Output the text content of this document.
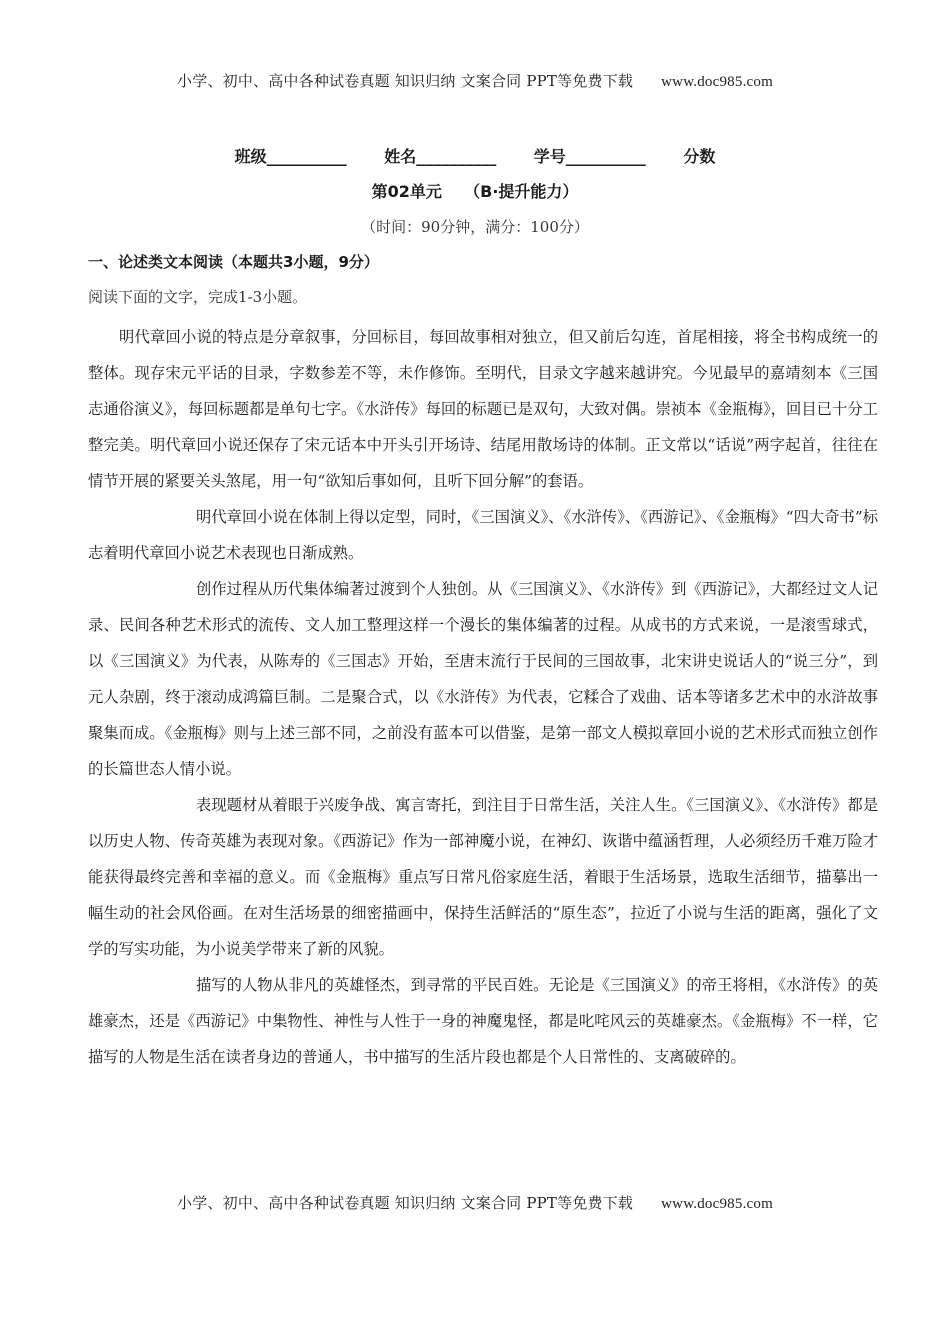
小学、初中、高中各种试卷真题 知识归纳 文案合同 PPT等免费下载 www.doc985.com
班级__________ 姓名__________ 学号__________ 分数
第02单元    （B·提升能力）
（时间：90分钟，满分：100分）
一、论述类文本阅读（本题共3小题，9分）
阅读下面的文字，完成1-3小题。

明代章回小说的特点是分章叙事，分回标目，每回故事相对独立，但又前后勾连，首尾相接，将全书构成统一的整体。现存宋元平话的目录，字数参差不等，未作修饰。至明代，目录文字越来越讲究。今见最早的嘉靖刻本《三国志通俗演义》，每回标题都是单句七字。《水浒传》每回的标题已是双句，大致对偶。崇祯本《金瓶梅》，回目已十分工整完美。明代章回小说还保存了宋元话本中开头引开场诗、结尾用散场诗的体制。正文常以“话说”两字起首，往往在情节开展的紧要关头煞尾，用一句“欲知后事如何，且听下回分解”的套语。

明代章回小说在体制上得以定型，同时，《三国演义》、《水浒传》、《西游记》、《金瓶梅》“四大奇书”标志着明代章回小说艺术表现也日渐成熟。

创作过程从历代集体编著过渡到个人独创。从《三国演义》、《水浒传》到《西游记》，大都经过文人记录、民间各种艺术形式的流传、文人加工整理这样一个漫长的集体编著的过程。从成书的方式来说，一是滚雪球式，以《三国演义》为代表，从陈寿的《三国志》开始，至唐末流行于民间的三国故事，北宋讲史说话人的“说三分”，到元人杂剧，终于滚动成鸿篇巨制。二是聚合式，以《水浒传》为代表，它糅合了戏曲、话本等诸多艺术中的水浒故事聚集而成。《金瓶梅》则与上述三部不同，之前没有蓝本可以借鉴，是第一部文人模拟章回小说的艺术形式而独立创作的长篇世态人情小说。

表现题材从着眼于兴废争战、寓言寄托，到注目于日常生活，关注人生。《三国演义》、《水浒传》都是以历史人物、传奇英雄为表现对象。《西游记》作为一部神魔小说，在神幻、诙谐中蕴涵哲理，人必须经历千难万险才能获得最终完善和幸福的意义。而《金瓶梅》重点写日常凡俗家庭生活，着眼于生活场景，选取生活细节，描摹出一幅生动的社会风俗画。在对生活场景的细密描画中，保持生活鲜活的“原生态”，拉近了小说与生活的距离，强化了文学的写实功能，为小说美学带来了新的风貌。

描写的人物从非凡的英雄怪杰，到寻常的平民百姓。无论是《三国演义》的帝王将相，《水浒传》的英雄豪杰，还是《西游记》中集物性、神性与人性于一身的神魔鬼怪，都是叱咤风云的英雄豪杰。《金瓶梅》不一样，它描写的人物是生活在读者身边的普通人，书中描写的生活片段也都是个人日常性的、支离破碎的。

小学、初中、高中各种试卷真题 知识归纳 文案合同 PPT等免费下载 www.doc985.com
